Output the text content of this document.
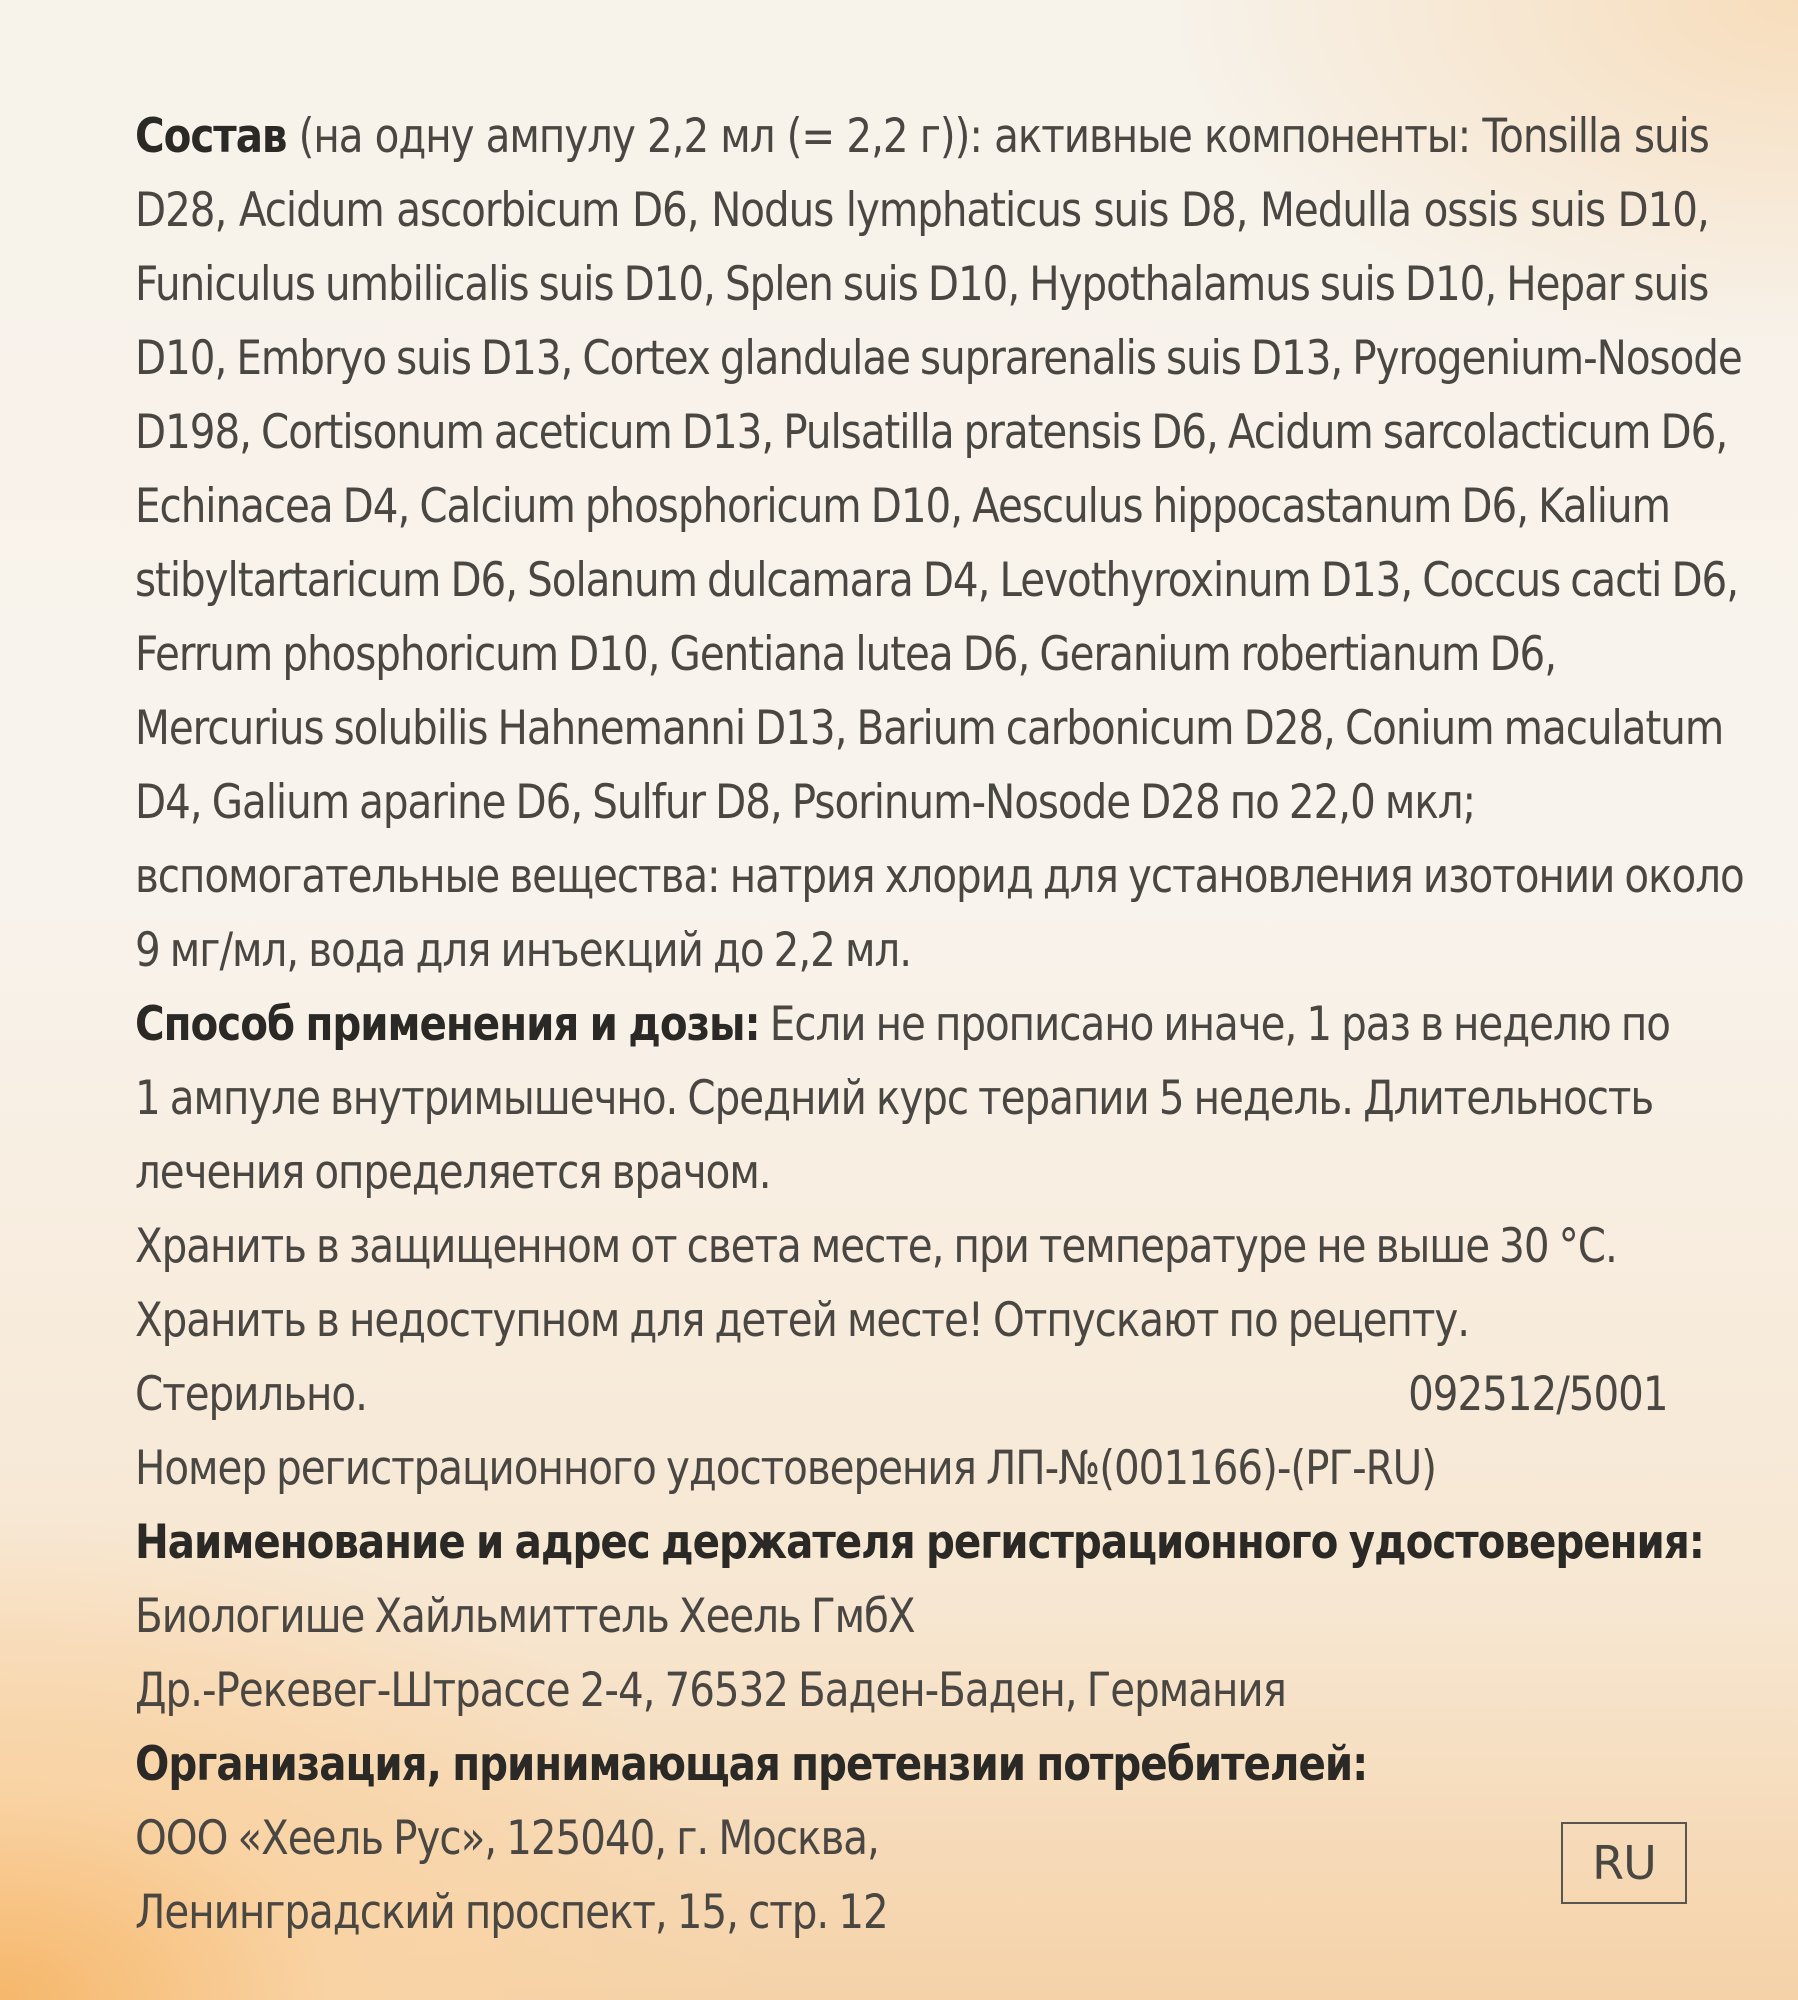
Состав (на одну ампулу 2,2 мл (= 2,2 г)): активные компоненты: Tonsilla suis
D28, Acidum ascorbicum D6, Nodus lymphaticus suis D8, Medulla ossis suis D10,
Funiculus umbilicalis suis D10, Splen suis D10, Hypothalamus suis D10, Hepar suis
D10, Embryo suis D13, Cortex glandulae suprarenalis suis D13, Pyrogenium-Nosode
D198, Cortisonum aceticum D13, Pulsatilla pratensis D6, Acidum sarcolacticum D6,
Echinacea D4, Calcium phosphoricum D10, Aesculus hippocastanum D6, Kalium
stibyltartaricum D6, Solanum dulcamara D4, Levothyroxinum D13, Coccus cacti D6,
Ferrum phosphoricum D10, Gentiana lutea D6, Geranium robertianum D6,
Mercurius solubilis Hahnemanni D13, Barium carbonicum D28, Conium maculatum
D4, Galium aparine D6, Sulfur D8, Psorinum-Nosode D28 по 22,0 мкл;
вспомогательные вещества: натрия хлорид для установления изотонии около
9 мг/мл, вода для инъекций до 2,2 мл.

Способ применения и дозы: Если не прописано иначе, 1 раз в неделю по
1 ампуле внутримышечно. Средний курс терапии 5 недель. Длительность
лечения определяется врачом.

Хранить в защищенном от света месте, при температуре не выше 30 °C.
Хранить в недоступном для детей месте! Отпускают по рецепту.

Стерильно.	092512/5001

Номер регистрационного удостоверения ЛП-№(001166)-(РГ-RU)
Наименование и адрес держателя регистрационного удостоверения:
Биологише Хайльмиттель Хеель ГмбХ
Др.-Рекевег-Штрассе 2-4, 76532 Баден-Баден, Германия
Организация, принимающая претензии потребителей:
ООО «Хеель Рус», 125040, г. Москва,
Ленинградский проспект, 15, стр. 12

RU
